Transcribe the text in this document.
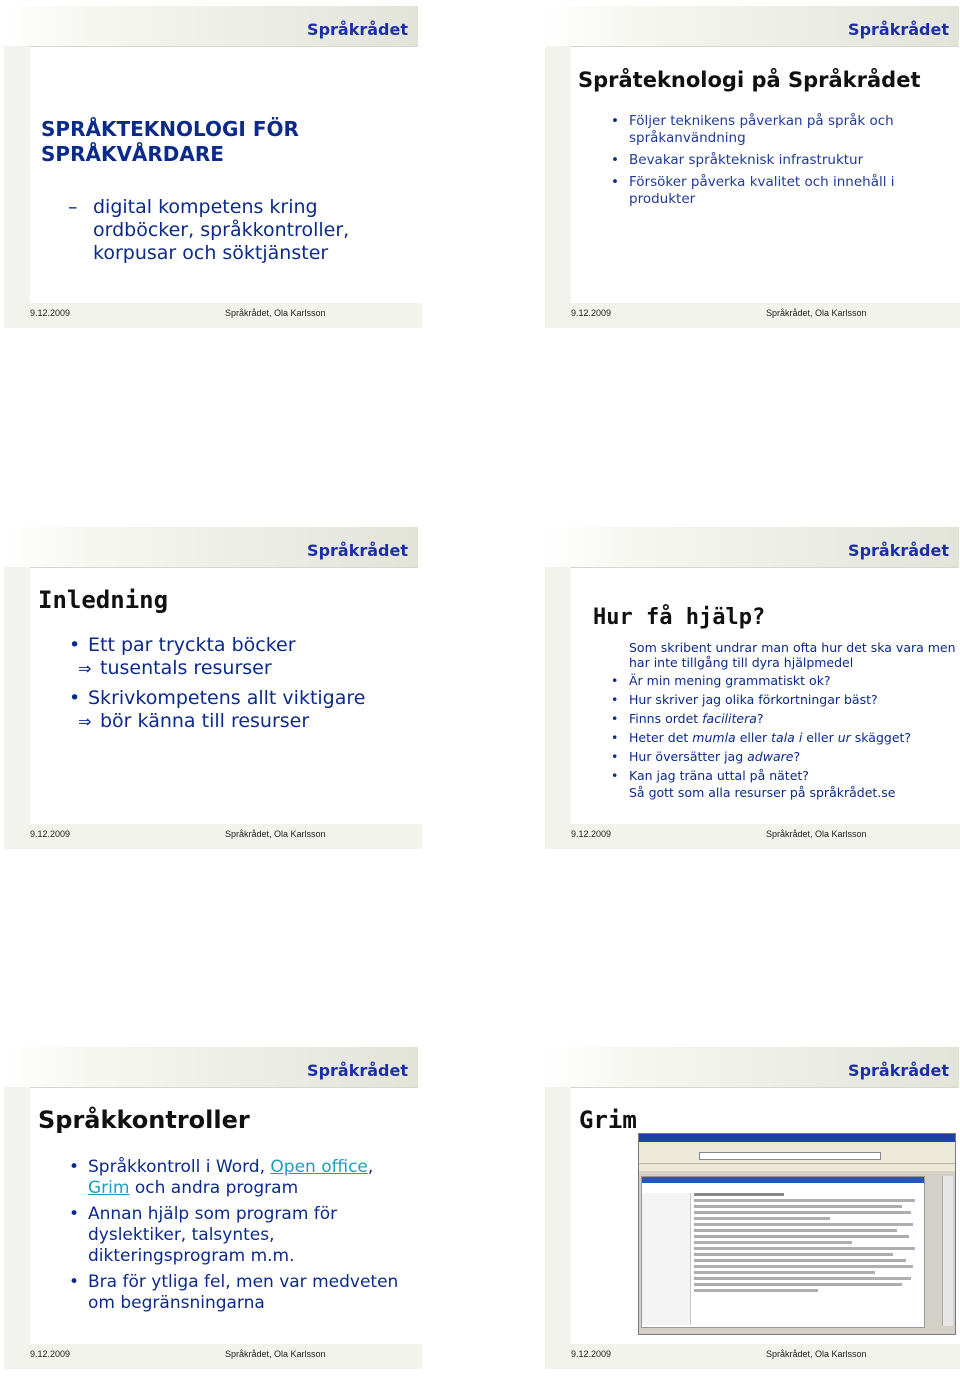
Språkrådet
SPRÅKTEKNOLOGI FÖR
SPRÅKVÅRDARE
– digital kompetens kring ordböcker, språkkontroller, korpusar och söktjänster
9.12.2009	Språkrådet, Ola Karlsson
Språkrådet
Språteknologi på Språkrådet
• Följer teknikens påverkan på språk och språkanvändning
• Bevakar språkteknisk infrastruktur
• Försöker påverka kvalitet och innehåll i produkter
9.12.2009	Språkrådet, Ola Karlsson
Språkrådet
Inledning
• Ett par tryckta böcker
⇒ tusentals resurser
• Skrivkompetens allt viktigare
⇒ bör känna till resurser
9.12.2009	Språkrådet, Ola Karlsson
Språkrådet
Hur få hjälp?
Som skribent undrar man ofta hur det ska vara men har inte tillgång till dyra hjälpmedel
• Är min mening grammatiskt ok?
• Hur skriver jag olika förkortningar bäst?
• Finns ordet facilitera?
• Heter det mumla eller tala i eller ur skägget?
• Hur översätter jag adware?
• Kan jag träna uttal på nätet?
Så gott som alla resurser på språkrådet.se
9.12.2009	Språkrådet, Ola Karlsson
Språkrådet
Språkkontroller
• Språkkontroll i Word, Open office,
Grim och andra program
• Annan hjälp som program för dyslektiker, talsyntes, dikteringsprogram m.m.
• Bra för ytliga fel, men var medveten om begränsningarna
9.12.2009	Språkrådet, Ola Karlsson
Språkrådet
Grim
9.12.2009	Språkrådet, Ola Karlsson
